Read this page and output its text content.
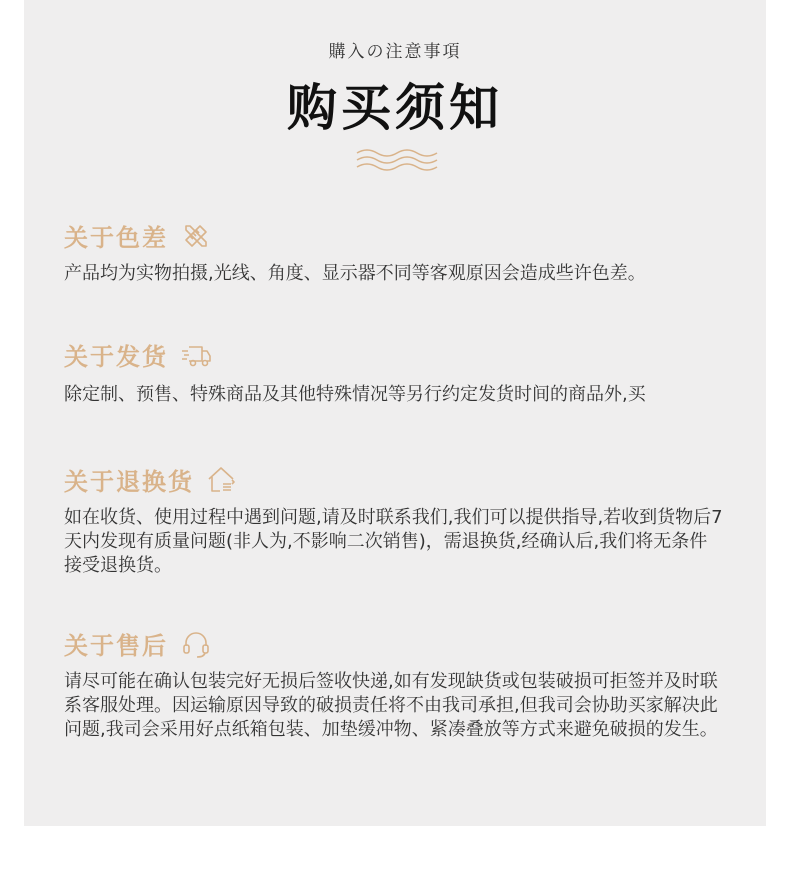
購入の注意事項
购买须知
关于色差
产品均为实物拍摄,光线、角度、显示器不同等客观原因会造成些许色差。
关于发货
除定制、预售、特殊商品及其他特殊情况等另行约定发货时间的商品外,买
关于退换货
如在收货、使用过程中遇到问题,请及时联系我们,我们可以提供指导,若收到货物后7天内发现有质量问题(非人为,不影响二次销售)，需退换货,经确认后,我们将无条件接受退换货。
关于售后
请尽可能在确认包装完好无损后签收快递,如有发现缺货或包装破损可拒签并及时联系客服处理。因运输原因导致的破损责任将不由我司承担,但我司会协助买家解决此问题,我司会采用好点纸箱包装、加垫缓冲物、紧凑叠放等方式来避免破损的发生。
